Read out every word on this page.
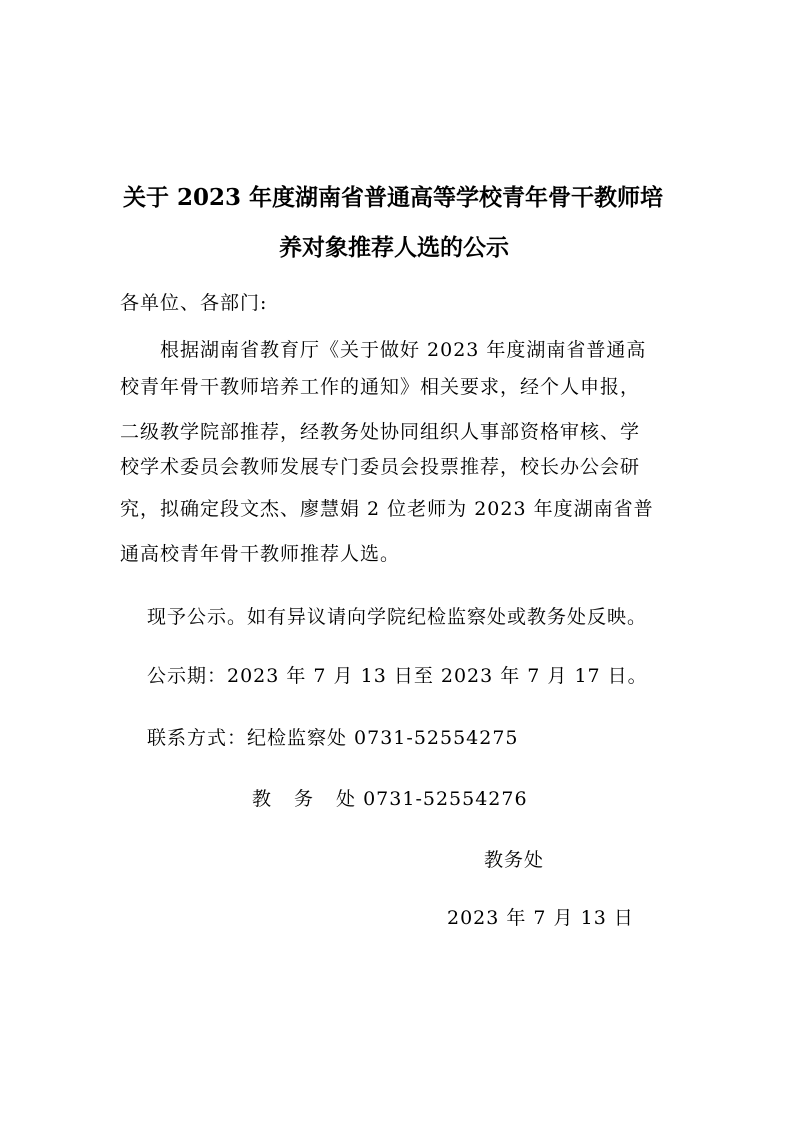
关于 2023 年度湖南省普通高等学校青年骨干教师培
养对象推荐人选的公示
各单位、各部门:
根据湖南省教育厅《关于做好 2023 年度湖南省普通高
校青年骨干教师培养工作的通知》相关要求，经个人申报，
二级教学院部推荐，经教务处协同组织人事部资格审核、学
校学术委员会教师发展专门委员会投票推荐，校长办公会研
究，拟确定段文杰、廖慧娟 2 位老师为 2023 年度湖南省普
通高校青年骨干教师推荐人选。
现予公示。如有异议请向学院纪检监察处或教务处反映。
公示期：2023 年 7 月 13 日至 2023 年 7 月 17 日。
联系方式：纪检监察处 0731-52554275
教 务 处 0731-52554276
教务处
2023 年 7 月 13 日
